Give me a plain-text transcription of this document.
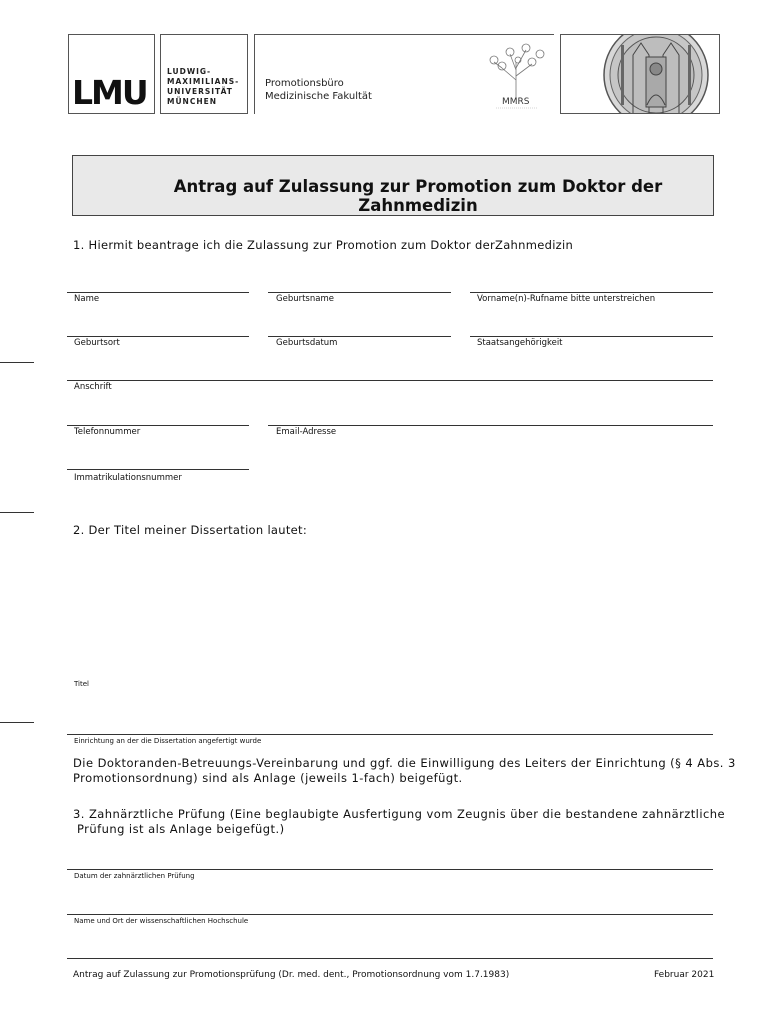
LMU
LUDWIG-
MAXIMILIANS-
UNIVERSITÄT
MÜNCHEN
Promotionsbüro
Medizinische Fakultät	MMRS
Antrag auf Zulassung zur Promotion zum Doktor der Zahnmedizin
1. Hiermit beantrage ich die Zulassung zur Promotion zum Doktor derZahnmedizin
Name	Geburtsname	Vorname(n)-Rufname bitte unterstreichen
Geburtsort	Geburtsdatum	Staatsangehörigkeit
Anschrift
Telefonnummer	Email-Adresse
Immatrikulationsnummer
2. Der Titel meiner Dissertation lautet:
Titel
Einrichtung an der die Dissertation angefertigt wurde
Die Doktoranden-Betreuungs-Vereinbarung und ggf. die Einwilligung des Leiters der Einrichtung (§ 4 Abs. 3
Promotionsordnung) sind als Anlage (jeweils 1-fach) beigefügt.
3. Zahnärztliche Prüfung (Eine beglaubigte Ausfertigung vom Zeugnis über die bestandene zahnärztliche
Prüfung ist als Anlage beigefügt.)
Datum der zahnärztlichen Prüfung
Name und Ort der wissenschaftlichen Hochschule
Antrag auf Zulassung zur Promotionsprüfung (Dr. med. dent., Promotionsordnung vom 1.7.1983)	Februar 2021
